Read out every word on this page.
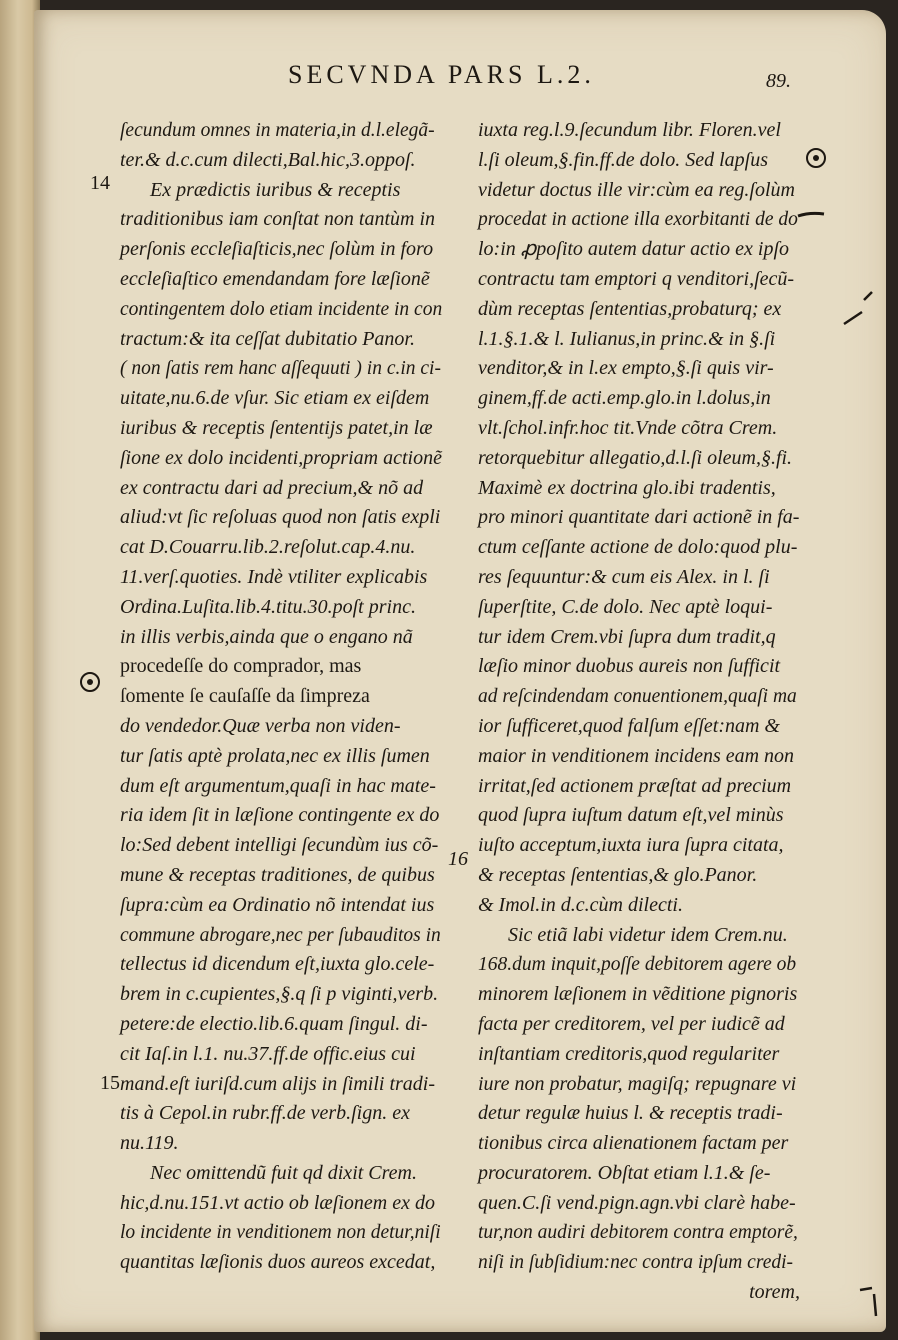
SECVNDA PARS L.2.	89.
14
15
16
ſecundum omnes in materia,in d.l.elegã-
ter.& d.c.cum dilecti,Bal.hic,3.oppoſ.
Ex prædictis iuribus & receptis
traditionibus iam conſtat non tantùm in
perſonis eccleſiaſticis,nec ſolùm in foro
eccleſiaſtico emendandam fore læſionẽ
contingentem dolo etiam incidente in con
tractum:& ita ceſſat dubitatio Panor.
( non ſatis rem hanc aſſequuti ) in c.in ci-
uitate,nu.6.de vſur. Sic etiam ex eiſdem
iuribus & receptis ſententijs patet,in læ
ſione ex dolo incidenti,propriam actionẽ
ex contractu dari ad precium,& nõ ad
aliud:vt ſic reſoluas quod non ſatis expli
cat D.Couarru.lib.2.reſolut.cap.4.nu.
11.verſ.quoties. Indè vtiliter explicabis
Ordina.Luſita.lib.4.titu.30.poſt princ.
in illis verbis,ainda que o engano nã
procedeſſe do comprador, mas
ſomente ſe cauſaſſe da ſimpreza
do vendedor.Quæ verba non viden-
tur ſatis aptè prolata,nec ex illis ſumen
dum eſt argumentum,quaſi in hac mate-
ria idem ſit in læſione contingente ex do
lo:Sed debent intelligi ſecundùm ius cõ-
mune & receptas traditiones, de quibus
ſupra:cùm ea Ordinatio nõ intendat ius
commune abrogare,nec per ſubauditos in
tellectus id dicendum eſt,iuxta glo.cele-
brem in c.cupientes,§.q ſi p viginti,verb.
petere:de electio.lib.6.quam ſingul. di-
cit Iaſ.in l.1. nu.37.ff.de offic.eius cui
mand.eſt iuriſd.cum alijs in ſimili tradi-
tis à Cepol.in rubr.ff.de verb.ſign. ex
nu.119.
Nec omittendũ fuit qd dixit Crem.
hic,d.nu.151.vt actio ob læſionem ex do
lo incidente in venditionem non detur,niſi
quantitas læſionis duos aureos excedat,
iuxta reg.l.9.ſecundum libr. Floren.vel
l.ſi oleum,§.fin.ff.de dolo. Sed lapſus
videtur doctus ille vir:cùm ea reg.ſolùm
procedat in actione illa exorbitanti de do
lo:in ꝓpoſito autem datur actio ex ipſo
contractu tam emptori q venditori,ſecũ-
dùm receptas ſententias,probaturq; ex
l.1.§.1.& l. Iulianus,in princ.& in §.ſi
venditor,& in l.ex empto,§.ſi quis vir-
ginem,ff.de acti.emp.glo.in l.dolus,in
vlt.ſchol.infr.hoc tit.Vnde cõtra Crem.
retorquebitur allegatio,d.l.ſi oleum,§.fi.
Maximè ex doctrina glo.ibi tradentis,
pro minori quantitate dari actionẽ in fa-
ctum ceſſante actione de dolo:quod plu-
res ſequuntur:& cum eis Alex. in l. ſi
ſuperſtite, C.de dolo. Nec aptè loqui-
tur idem Crem.vbi ſupra dum tradit,q
læſio minor duobus aureis non ſufficit
ad reſcindendam conuentionem,quaſi ma
ior ſufficeret,quod falſum eſſet:nam &
maior in venditionem incidens eam non
irritat,ſed actionem præſtat ad precium
quod ſupra iuſtum datum eſt,vel minùs
iuſto acceptum,iuxta iura ſupra citata,
& receptas ſententias,& glo.Panor.
& Imol.in d.c.cùm dilecti.
Sic etiã labi videtur idem Crem.nu.
168.dum inquit,poſſe debitorem agere ob
minorem læſionem in vẽditione pignoris
facta per creditorem, vel per iudicẽ ad
inſtantiam creditoris,quod regulariter
iure non probatur, magiſq; repugnare vi
detur regulæ huius l. & receptis tradi-
tionibus circa alienationem factam per
procuratorem. Obſtat etiam l.1.& ſe-
quen.C.ſi vend.pign.agn.vbi clarè habe-
tur,non audiri debitorem contra emptorẽ,
niſi in ſubſidium:nec contra ipſum credi-
torem,
